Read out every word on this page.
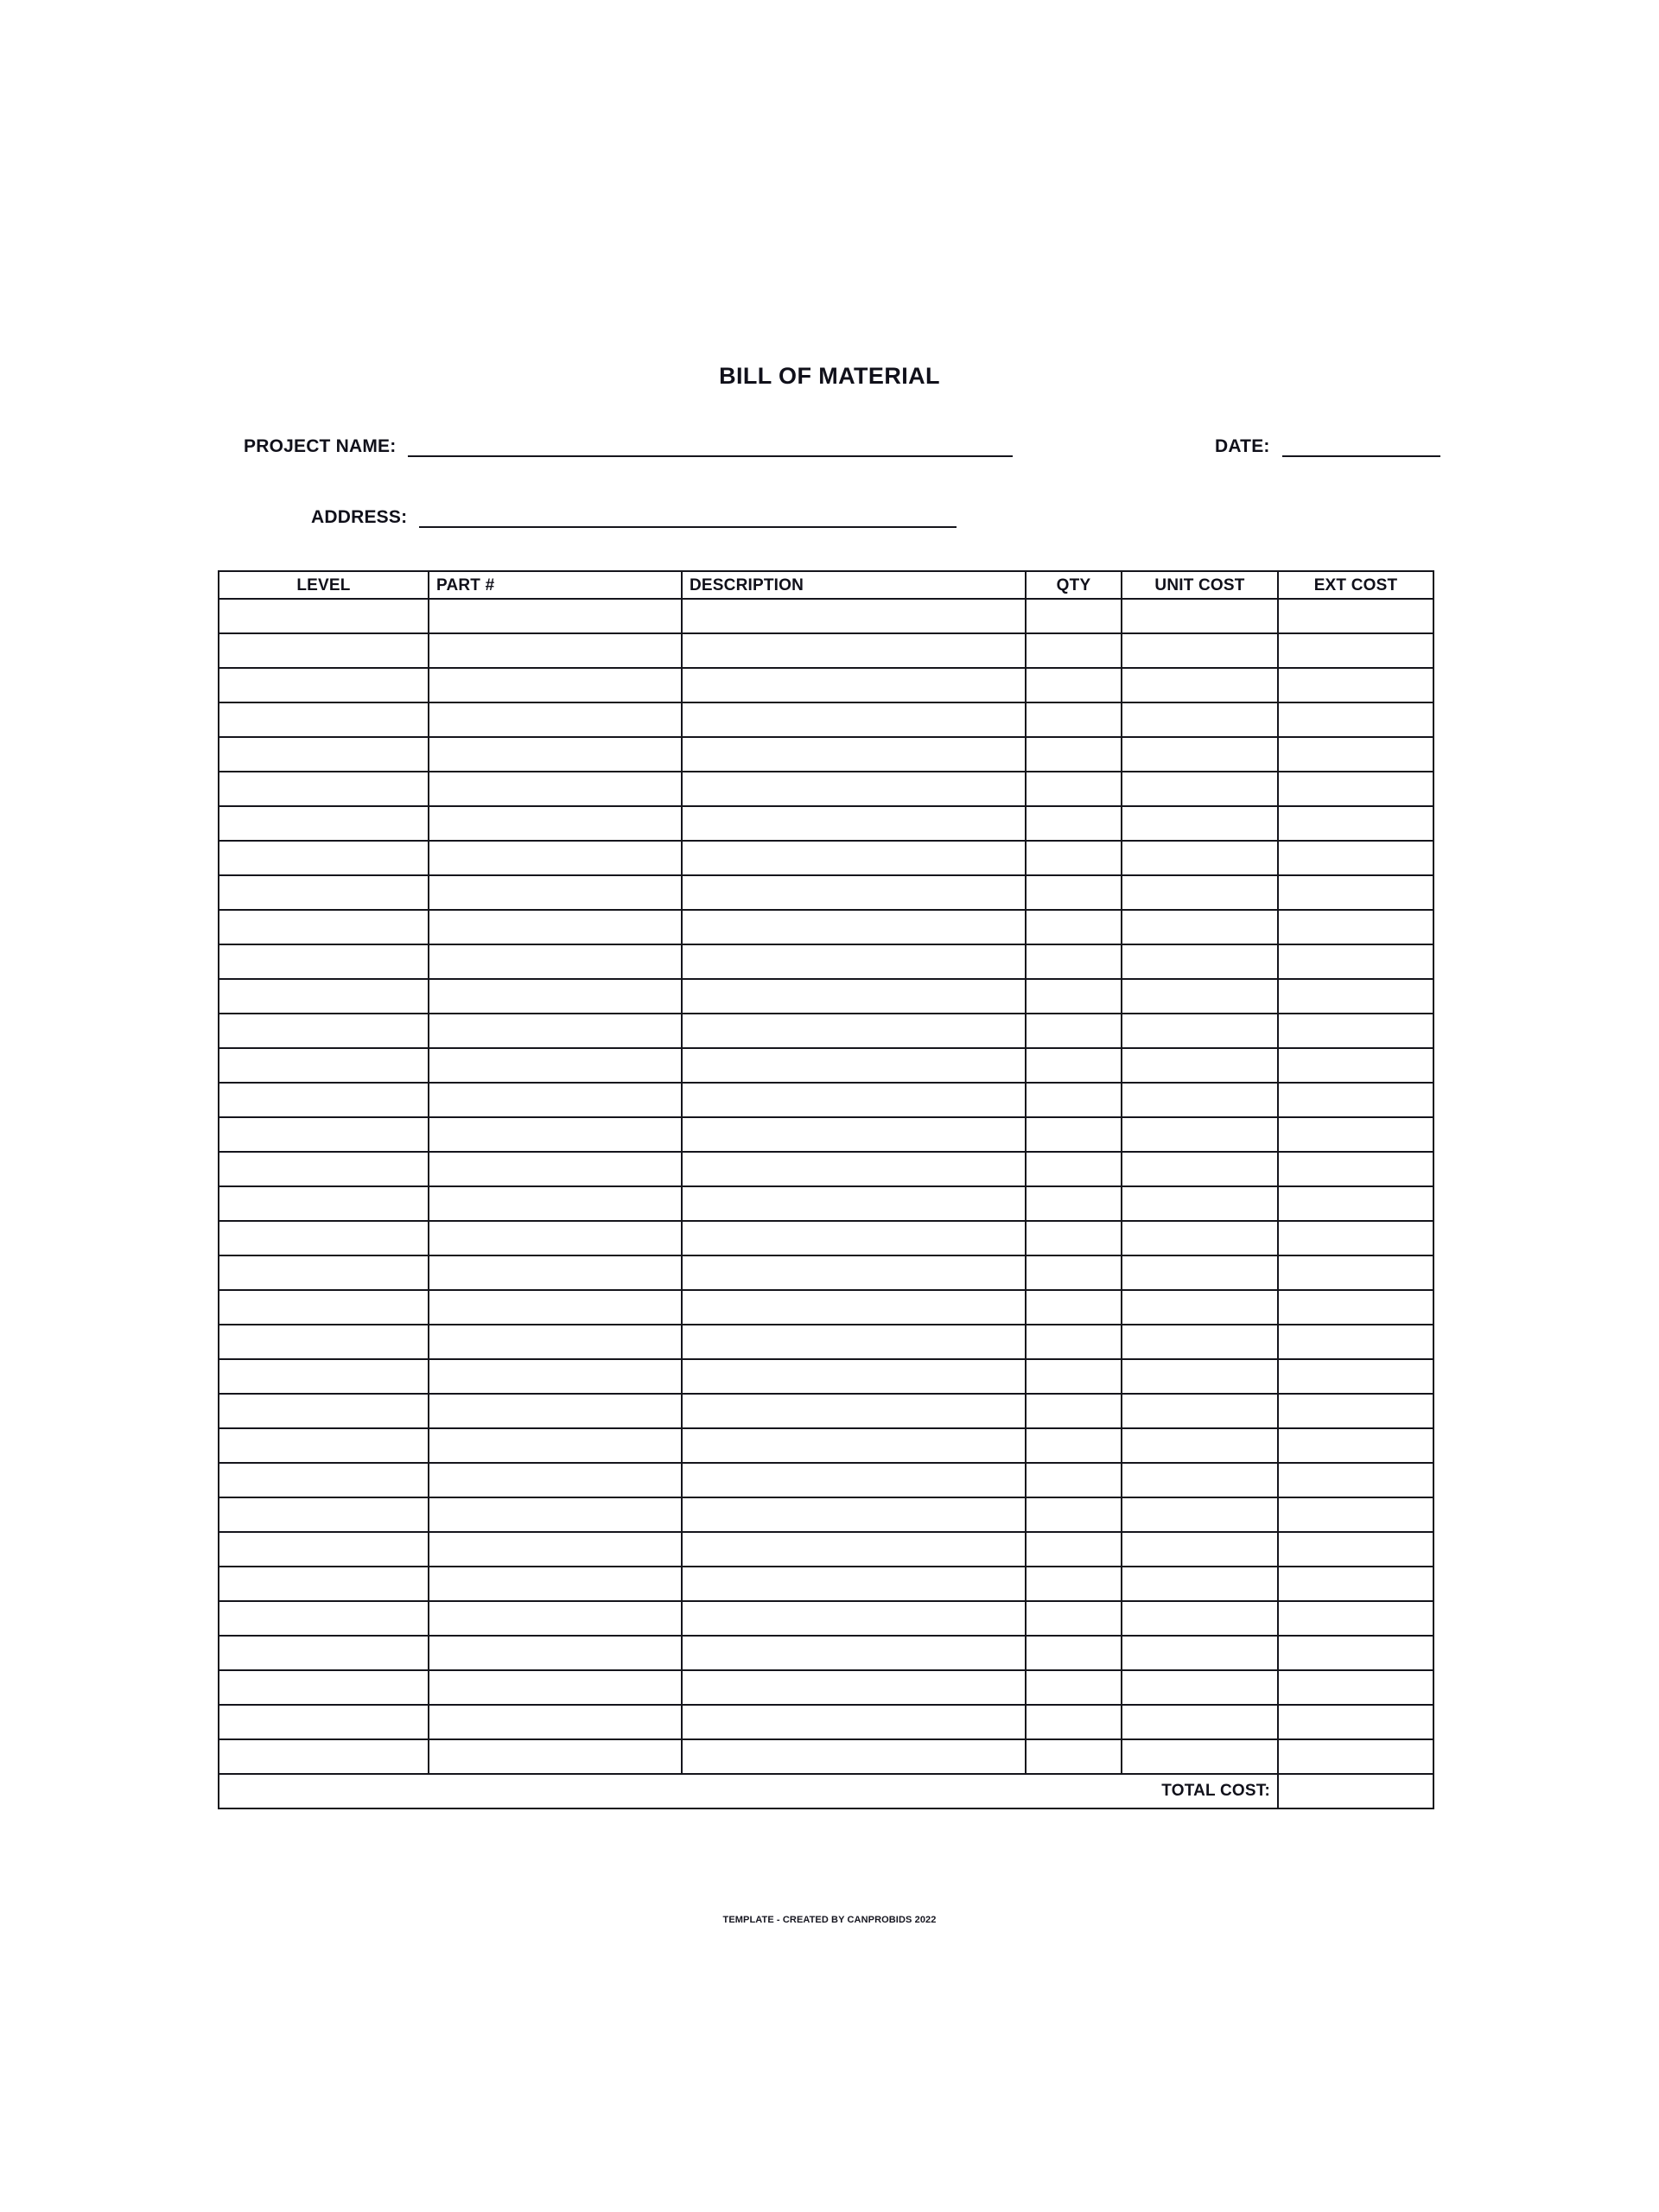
BILL OF MATERIAL
PROJECT NAME:	DATE:
ADDRESS:
LEVEL	PART #	DESCRIPTION	QTY	UNIT COST	EXT COST

TOTAL COST:					
TEMPLATE - CREATED BY CANPROBIDS 2022
